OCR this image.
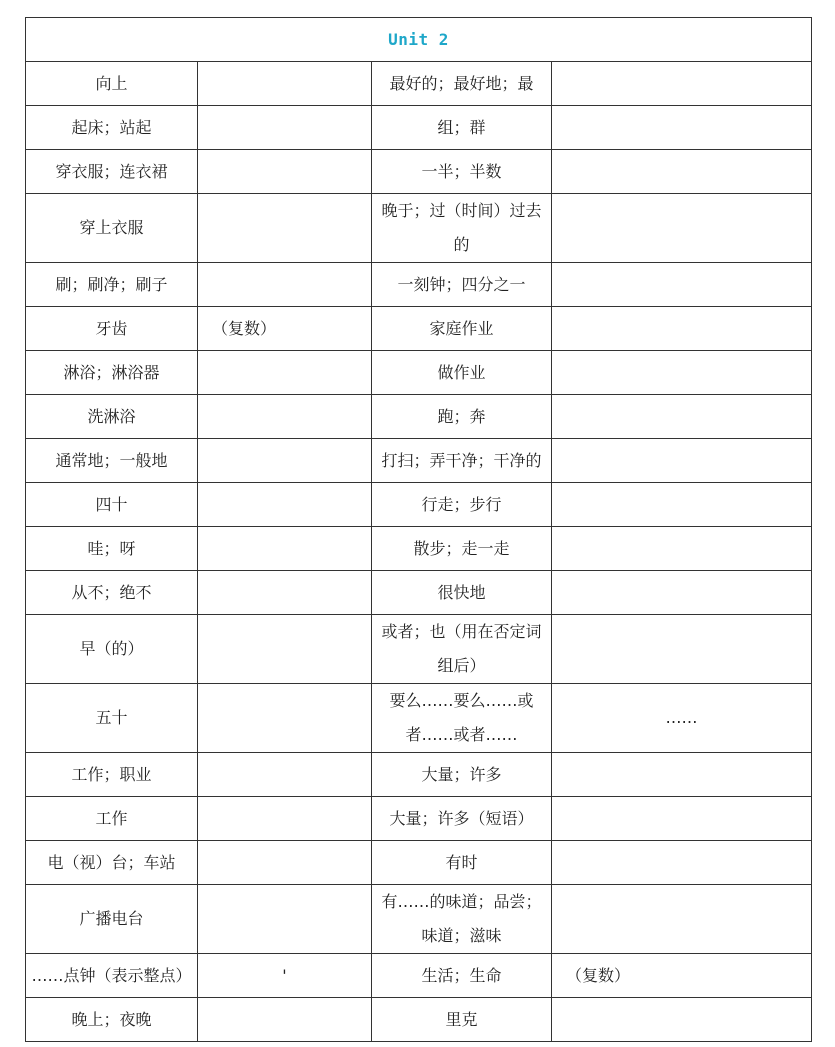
Unit 2			
向上		最好的；最好地；最	
起床；站起		组；群	
穿衣服；连衣裙		一半；半数	
穿上衣服		晚于；过（时间）过去的	
刷；刷净；刷子		一刻钟；四分之一	
牙齿	（复数）	家庭作业	
淋浴；淋浴器		做作业	
洗淋浴		跑；奔	
通常地；一般地		打扫；弄干净；干净的	
四十		行走；步行	
哇；呀		散步；走一走	
从不；绝不		很快地	
早（的）		或者；也（用在否定词组后）	
五十		要么……要么……或者……或者……	……
工作；职业		大量；许多	
工作		大量；许多（短语）	
电（视）台；车站		有时	
广播电台		有……的味道；品尝；味道；滋味	
……点钟（表示整点）	'	生活；生命	（复数）
晚上；夜晚		里克	
